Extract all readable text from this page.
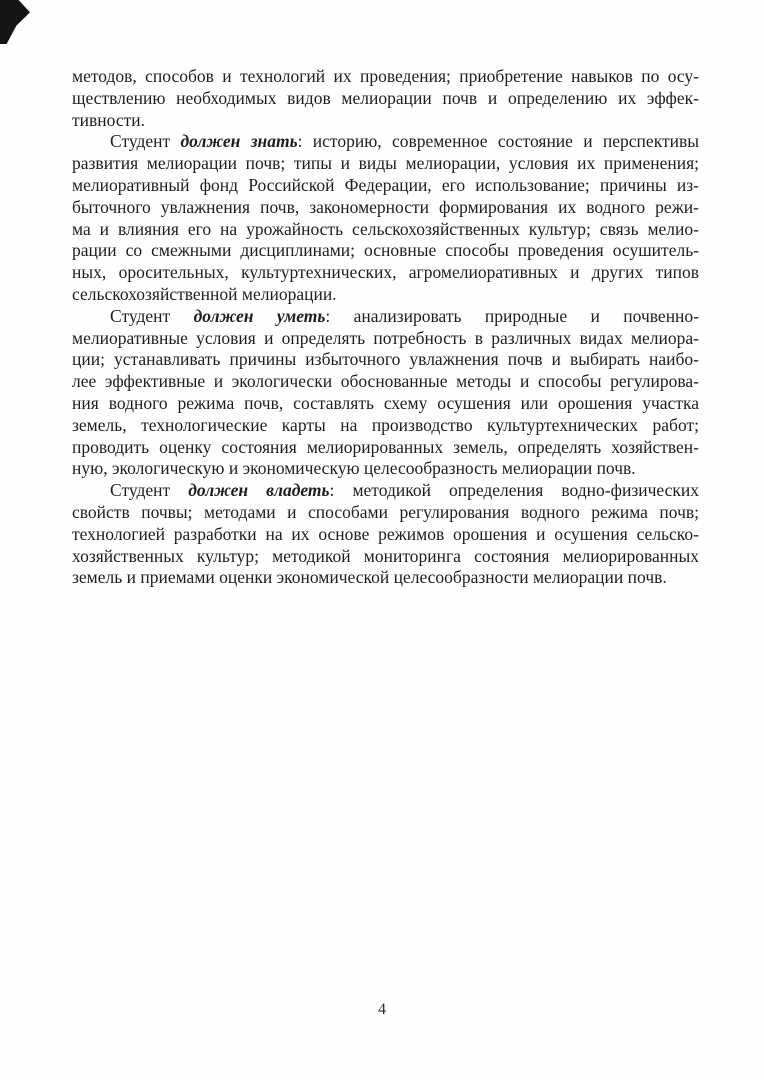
методов, способов и технологий их проведения; приобретение навыков по осу-
ществлению необходимых видов мелиорации почв и определению их эффек-
тивности.
Студент должен знать: историю, современное состояние и перспективы
развития мелиорации почв; типы и виды мелиорации, условия их применения;
мелиоративный фонд Российской Федерации, его использование; причины из-
быточного увлажнения почв, закономерности формирования их водного режи-
ма и влияния его на урожайность сельскохозяйственных культур; связь мелио-
рации со смежными дисциплинами; основные способы проведения осушитель-
ных, оросительных, культуртехнических, агромелиоративных и других типов
сельскохозяйственной мелиорации.
Студент должен уметь: анализировать природные и почвенно-
мелиоративные условия и определять потребность в различных видах мелиора-
ции; устанавливать причины избыточного увлажнения почв и выбирать наибо-
лее эффективные и экологически обоснованные методы и способы регулирова-
ния водного режима почв, составлять схему осушения или орошения участка
земель, технологические карты на производство культуртехнических работ;
проводить оценку состояния мелиорированных земель, определять хозяйствен-
ную, экологическую и экономическую целесообразность мелиорации почв.
Студент должен владеть: методикой определения водно-физических
свойств почвы; методами и способами регулирования водного режима почв;
технологией разработки на их основе режимов орошения и осушения сельско-
хозяйственных культур; методикой мониторинга состояния мелиорированных
земель и приемами оценки экономической целесообразности мелиорации почв.
4
